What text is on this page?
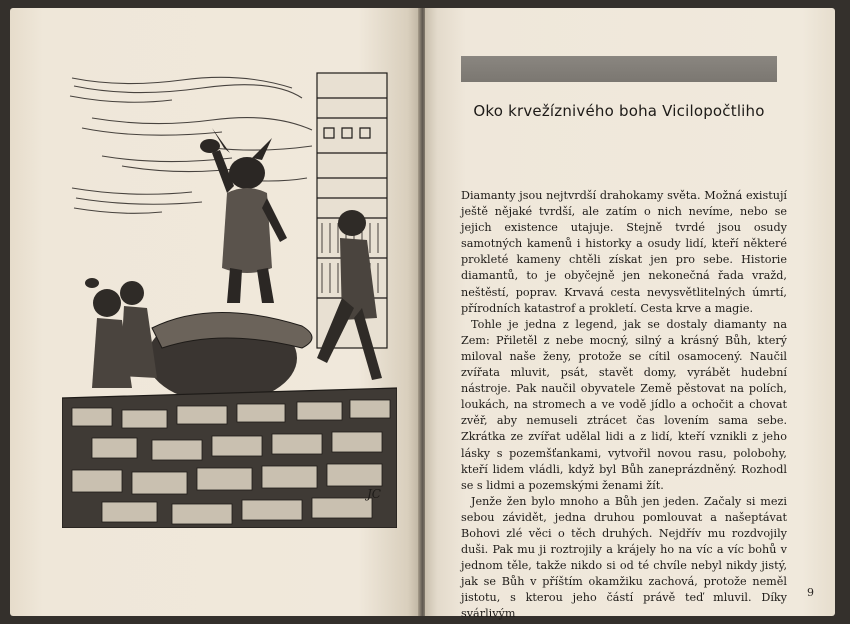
JC
Oko krvežíznivého boha Vicilopočtliho

Diamanty jsou nejtvrdší drahokamy světa. Možná existují ještě nějaké tvrdší, ale zatím o nich nevíme, nebo se jejich existence utajuje. Stejně tvrdé jsou osudy samotných kamenů i historky a osudy lidí, kteří některé prokleté kameny chtěli získat jen pro sebe. Historie diamantů, to je obyčejně jen nekonečná řada vražd, neštěstí, poprav. Krvavá cesta nevysvětlitelných úmrtí, přírodních katastrof a prokletí. Cesta krve a magie.

Tohle je jedna z legend, jak se dostaly diamanty na Zem: Přiletěl z nebe mocný, silný a krásný Bůh, který miloval naše ženy, protože se cítil osamocený. Naučil zvířata mluvit, psát, stavět domy, vyrábět hudební nástroje. Pak naučil obyvatele Země pěstovat na polích, loukách, na stromech a ve vodě jídlo a ochočit a chovat zvěř, aby nemuseli ztrácet čas lovením sama sebe. Zkrátka ze zvířat udělal lidi a z lidí, kteří vznikli z jeho lásky s pozemšťankami, vytvořil novou rasu, polobohy, kteří lidem vládli, když byl Bůh zaneprázdněný. Rozhodl se s lidmi a pozemskými ženami žít.

Jenže žen bylo mnoho a Bůh jen jeden. Začaly si mezi sebou závidět, jedna druhou pomlouvat a našeptávat Bohovi zlé věci o těch druhých. Nejdřív mu rozdvojily duši. Pak mu ji roztrojily a krájely ho na víc a víc bohů v jednom těle, takže nikdo si od té chvíle nebyl nikdy jistý, jak se Bůh v příštím okamžiku zachová, protože neměl jistotu, s kterou jeho částí právě teď mluvil. Díky svárlivým

9
